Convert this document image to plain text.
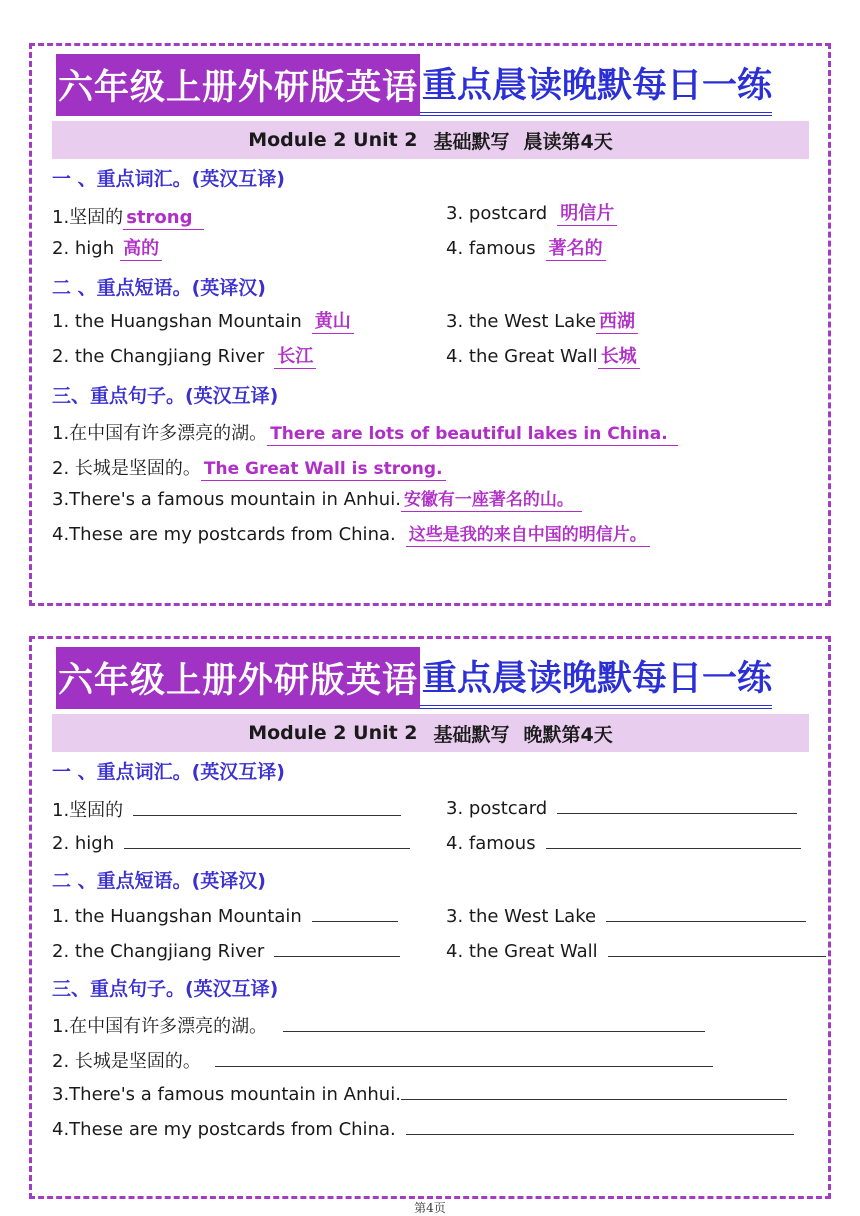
六年级上册外研版英语 重点晨读晚默每日一练
Module 2 Unit 2 基础默写 晨读第4天
一 、重点词汇。(英汉互译)
1.坚固的 strong	3. postcard 明信片
2. high 高的	4. famous 著名的
二 、重点短语。(英译汉)
1. the Huangshan Mountain 黄山	3. the West Lake 西湖
2. the Changjiang River 长江	4. the Great Wall 长城
三、重点句子。(英汉互译)
1.在中国有许多漂亮的湖。 There are lots of beautiful lakes in China.
2. 长城是坚固的。 The Great Wall is strong.
3.There's a famous mountain in Anhui. 安徽有一座著名的山。
4.These are my postcards from China. 这些是我的来自中国的明信片。
六年级上册外研版英语 重点晨读晚默每日一练
Module 2 Unit 2 基础默写 晚默第4天
一 、重点词汇。(英汉互译)
1.坚固的	3. postcard
2. high	4. famous
二 、重点短语。(英译汉)
1. the Huangshan Mountain	3. the West Lake
2. the Changjiang River	4. the Great Wall
三、重点句子。(英汉互译)
1.在中国有许多漂亮的湖。
2. 长城是坚固的。
3.There's a famous mountain in Anhui.
4.These are my postcards from China.
第4页
